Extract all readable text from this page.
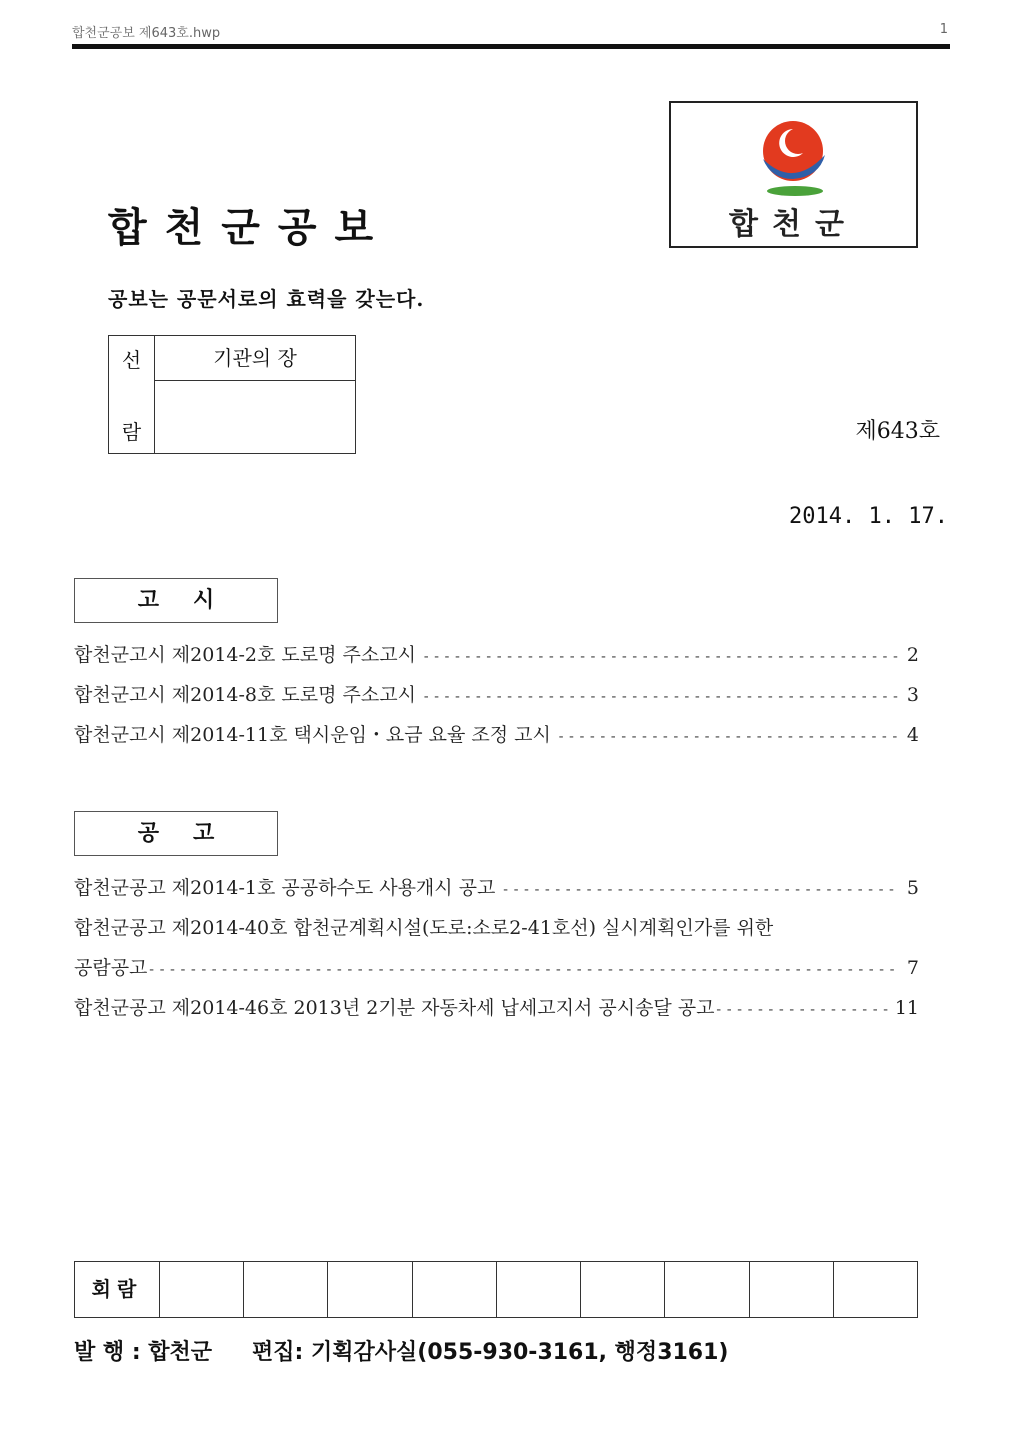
합천군공보 제643호.hwp	1
합천군공보	합천군
공보는 공문서로의 효력을 갖는다.
선
람
기관의 장
제643호
2014. 1. 17.
고시
합천군고시 제2014-2호 도로명 주소고시 -----	2
합천군고시 제2014-8호 도로명 주소고시 -----	3
합천군고시 제2014-11호 택시운임・요금 요율 조정 고시 -----	4
공고
합천군공고 제2014-1호 공공하수도 사용개시 공고 -----	5
합천군공고 제2014-40호 합천군계획시설(도로:소로2-41호선) 실시계획인가를 위한
공람공고 -----	7
합천군공고 제2014-46호 2013년 2기분 자동차세 납세고지서 공시송달 공고 -----	11
회람
발 행 : 합천군 편집: 기획감사실(055-930-3161, 행정3161)
